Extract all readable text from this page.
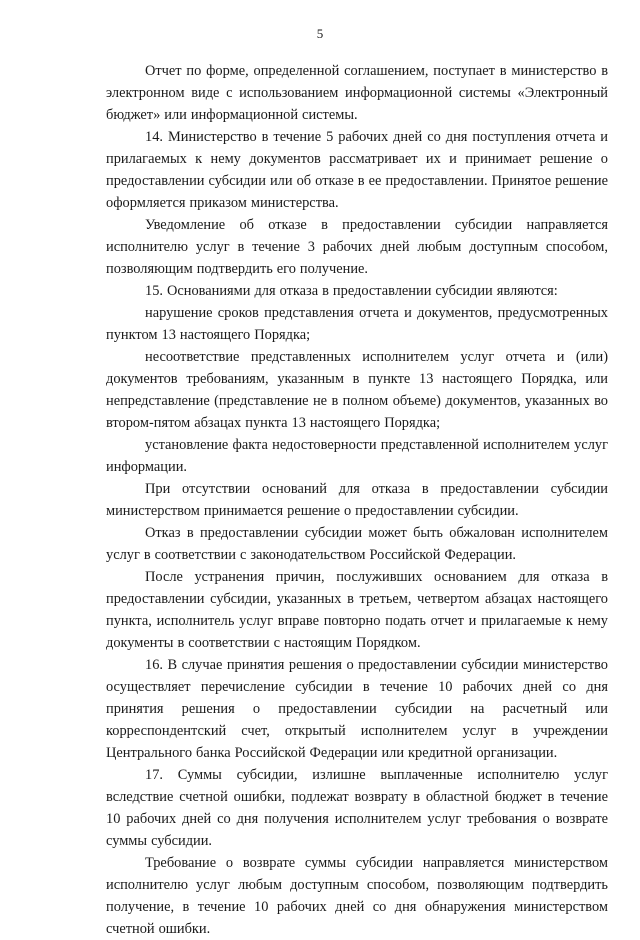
5

Отчет по форме, определенной соглашением, поступает в министерство в электронном виде с использованием информационной системы «Электронный бюджет» или информационной системы.

14. Министерство в течение 5 рабочих дней со дня поступления отчета и прилагаемых к нему документов рассматривает их и принимает решение о предоставлении субсидии или об отказе в ее предоставлении. Принятое решение оформляется приказом министерства.

Уведомление об отказе в предоставлении субсидии направляется исполнителю услуг в течение 3 рабочих дней любым доступным способом, позволяющим подтвердить его получение.

15. Основаниями для отказа в предоставлении субсидии являются:

нарушение сроков представления отчета и документов, предусмотренных пунктом 13 настоящего Порядка;

несоответствие представленных исполнителем услуг отчета и (или) документов требованиям, указанным в пункте 13 настоящего Порядка, или непредставление (представление не в полном объеме) документов, указанных во втором-пятом абзацах пункта 13 настоящего Порядка;

установление факта недостоверности представленной исполнителем услуг информации.

При отсутствии оснований для отказа в предоставлении субсидии министерством принимается решение о предоставлении субсидии.

Отказ в предоставлении субсидии может быть обжалован исполнителем услуг в соответствии с законодательством Российской Федерации.

После устранения причин, послуживших основанием для отказа в предоставлении субсидии, указанных в третьем, четвертом абзацах настоящего пункта, исполнитель услуг вправе повторно подать отчет и прилагаемые к нему документы в соответствии с настоящим Порядком.

16. В случае принятия решения о предоставлении субсидии министерство осуществляет перечисление субсидии в течение 10 рабочих дней со дня принятия решения о предоставлении субсидии на расчетный или корреспондентский счет, открытый исполнителем услуг в учреждении Центрального банка Российской Федерации или кредитной организации.

17. Суммы субсидии, излишне выплаченные исполнителю услуг вследствие счетной ошибки, подлежат возврату в областной бюджет в течение 10 рабочих дней со дня получения исполнителем услуг требования о возврате суммы субсидии.

Требование о возврате суммы субсидии направляется министерством исполнителю услуг любым доступным способом, позволяющим подтвердить получение, в течение 10 рабочих дней со дня обнаружения министерством счетной ошибки.
